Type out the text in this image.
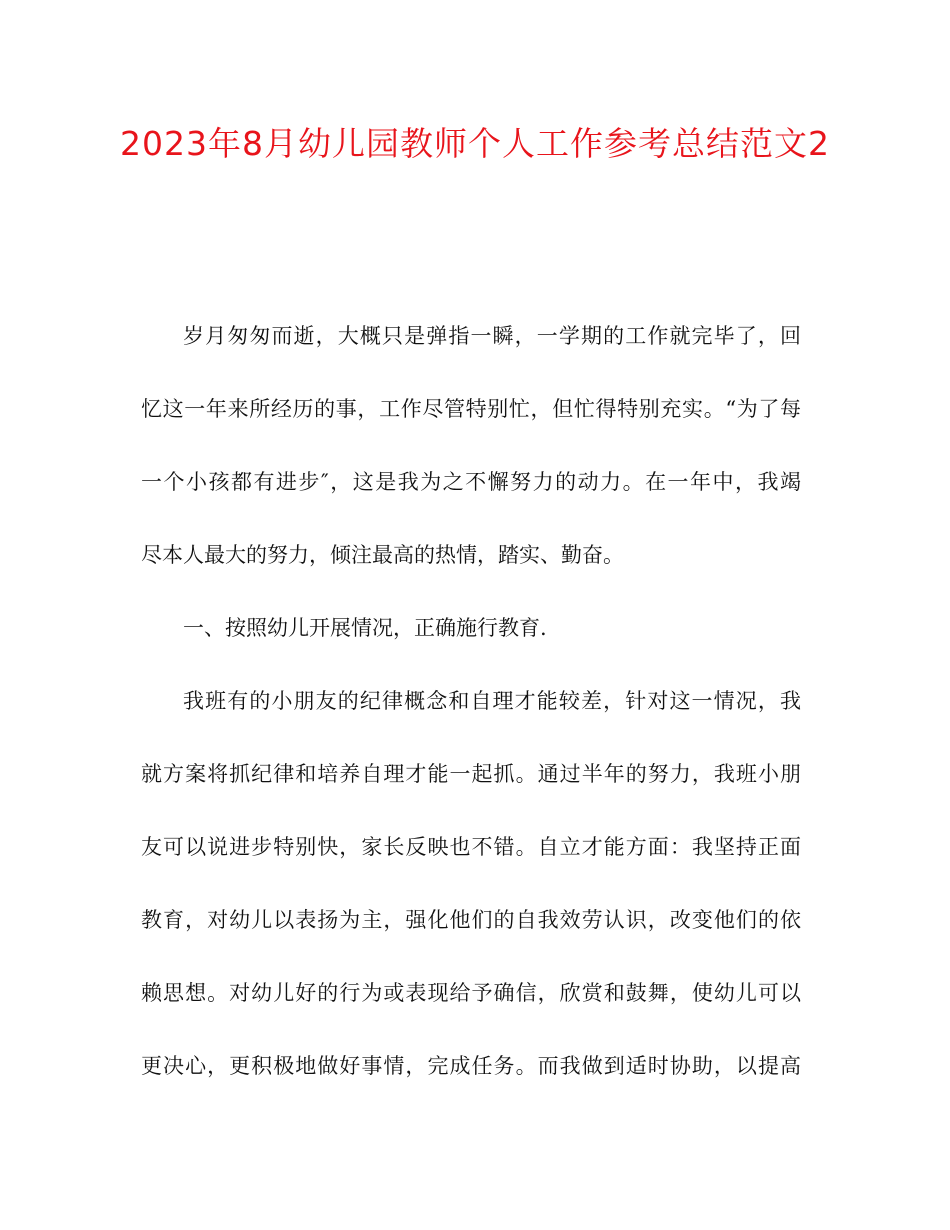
2023年8月幼儿园教师个人工作参考总结范文2
岁月匆匆而逝，大概只是弹指一瞬，一学期的工作就完毕了，回
忆这一年来所经历的事，工作尽管特别忙，但忙得特别充实。“为了每
一个小孩都有进步″，这是我为之不懈努力的动力。在一年中，我竭
尽本人最大的努力，倾注最高的热情，踏实、勤奋。
一、按照幼儿开展情况，正确施行教育.
我班有的小朋友的纪律概念和自理才能较差，针对这一情况，我
就方案将抓纪律和培养自理才能一起抓。通过半年的努力，我班小朋
友可以说进步特别快，家长反映也不错。自立才能方面：我坚持正面
教育，对幼儿以表扬为主，强化他们的自我效劳认识，改变他们的依
赖思想。对幼儿好的行为或表现给予确信，欣赏和鼓舞，使幼儿可以
更决心，更积极地做好事情，完成任务。而我做到适时协助，以提高
